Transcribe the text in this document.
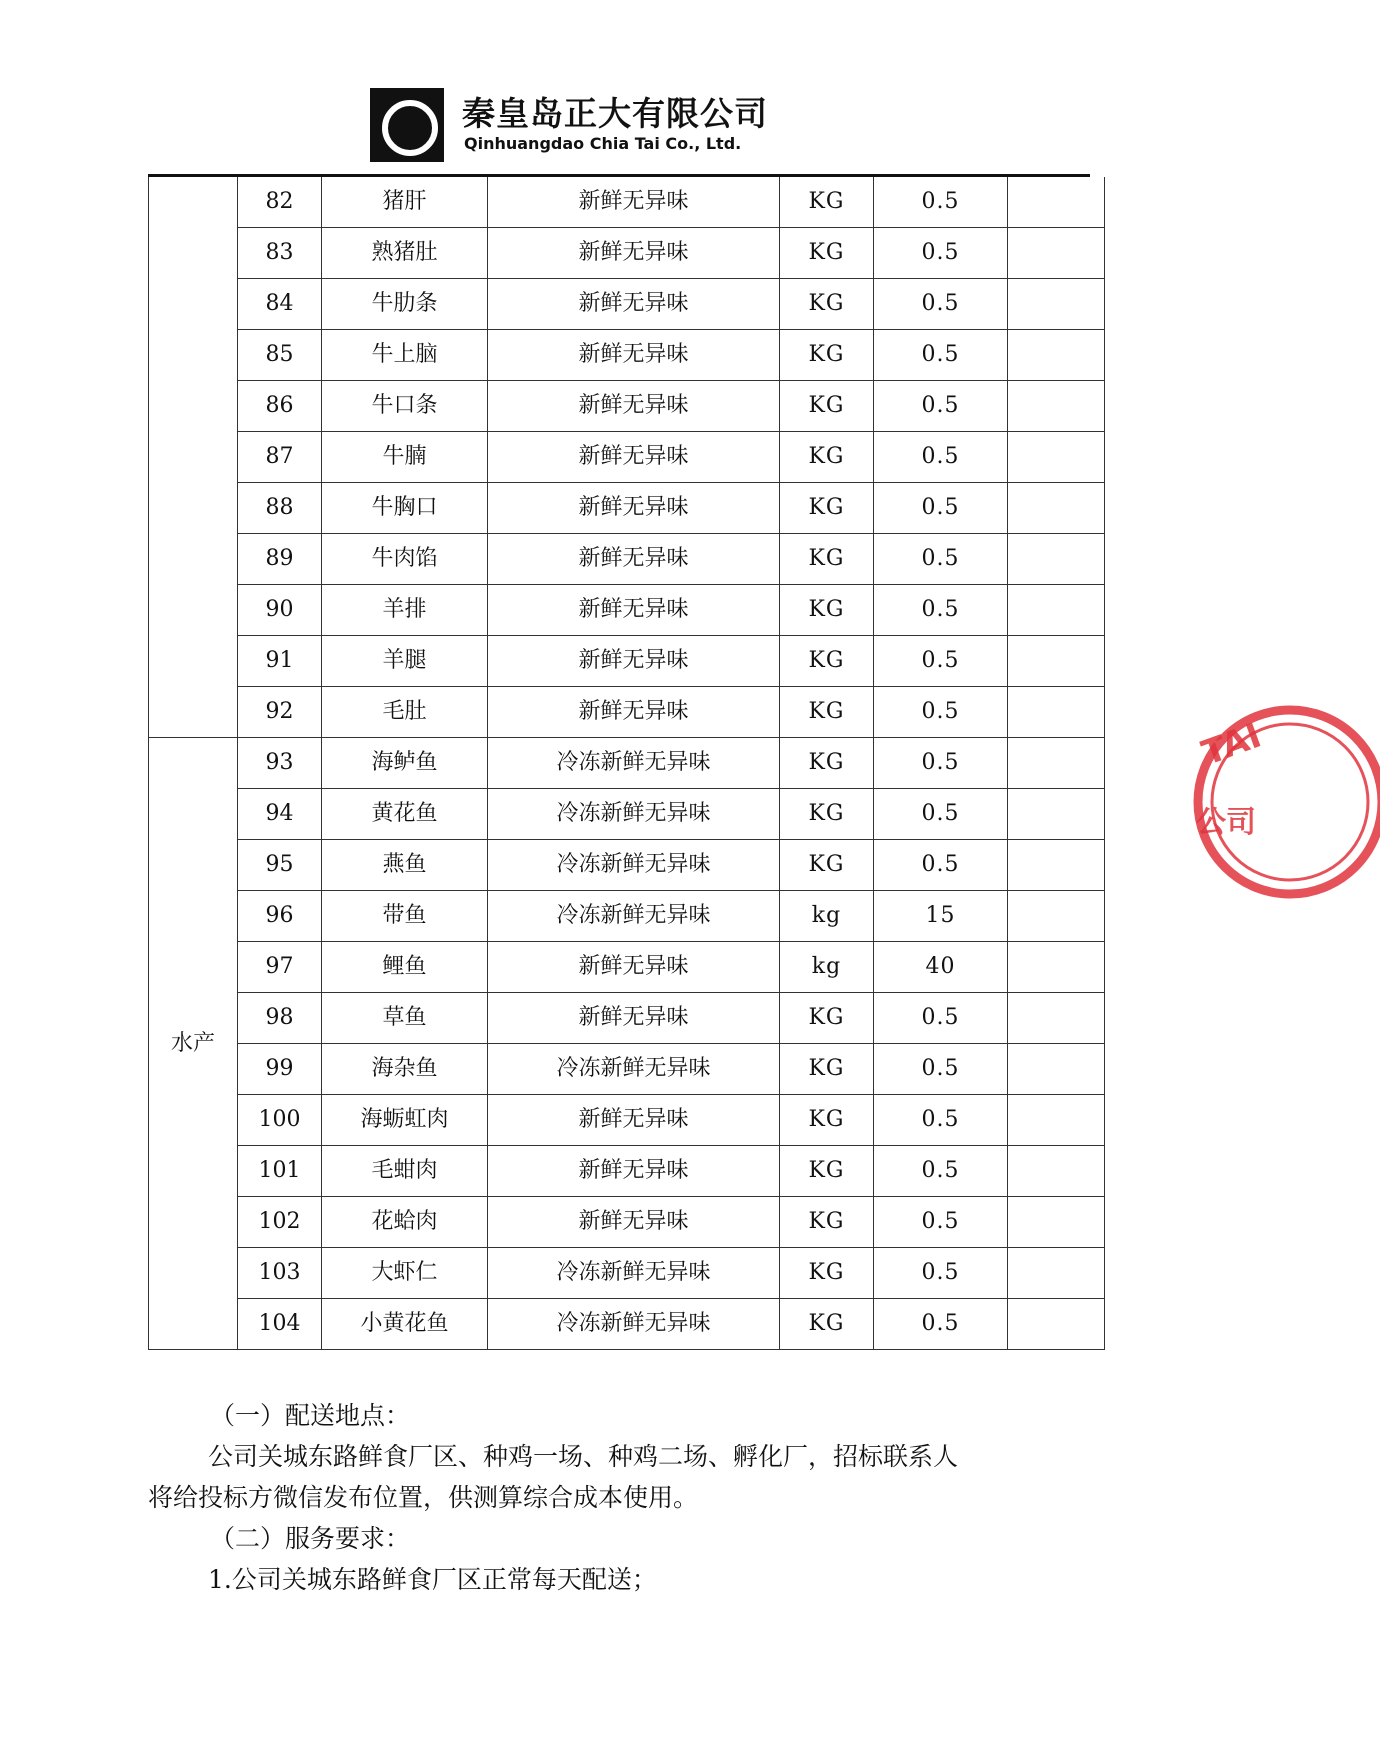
秦皇岛正大有限公司
Qinhuangdao Chia Tai Co., Ltd.
	82	猪肝	新鲜无异味	KG	0.5	
	83	熟猪肚	新鲜无异味	KG	0.5	
	84	牛肋条	新鲜无异味	KG	0.5	
	85	牛上脑	新鲜无异味	KG	0.5	
	86	牛口条	新鲜无异味	KG	0.5	
	87	牛腩	新鲜无异味	KG	0.5	
	88	牛胸口	新鲜无异味	KG	0.5	
	89	牛肉馅	新鲜无异味	KG	0.5	
	90	羊排	新鲜无异味	KG	0.5	
	91	羊腿	新鲜无异味	KG	0.5	
	92	毛肚	新鲜无异味	KG	0.5	
水产	93	海鲈鱼	冷冻新鲜无异味	KG	0.5	
	94	黄花鱼	冷冻新鲜无异味	KG	0.5	
	95	燕鱼	冷冻新鲜无异味	KG	0.5	
	96	带鱼	冷冻新鲜无异味	kg	15	
	97	鲤鱼	新鲜无异味	kg	40	
	98	草鱼	新鲜无异味	KG	0.5	
	99	海杂鱼	冷冻新鲜无异味	KG	0.5	
	100	海蛎虹肉	新鲜无异味	KG	0.5	
	101	毛蚶肉	新鲜无异味	KG	0.5	
	102	花蛤肉	新鲜无异味	KG	0.5	
	103	大虾仁	冷冻新鲜无异味	KG	0.5	
	104	小黄花鱼	冷冻新鲜无异味	KG	0.5	
（一）配送地点：
公司关城东路鲜食厂区、种鸡一场、种鸡二场、孵化厂，招标联系人
将给投标方微信发布位置，供测算综合成本使用。
（二）服务要求：
1.公司关城东路鲜食厂区正常每天配送；
TAI
公司
